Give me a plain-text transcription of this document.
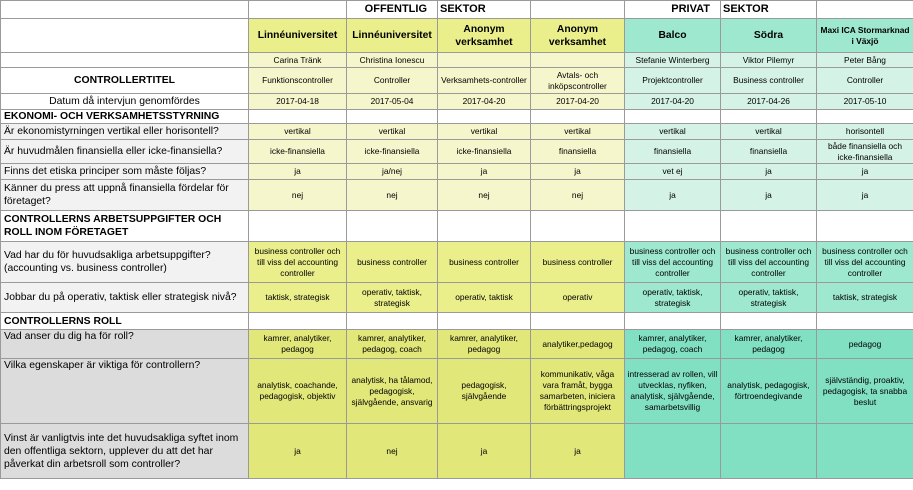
		OFFENTLIG	SEKTOR		PRIVAT	SEKTOR	
	Linnéuniversitet	Linnéuniversitet	Anonym verksamhet	Anonym verksamhet	Balco	Södra	Maxi ICA Stormarknad i Växjö
	Carina Tränk	Christina Ionescu			Stefanie Winterberg	Viktor Pilemyr	Peter Bång
CONTROLLERTITEL	Funktionscontroller	Controller	Verksamhets-controller	Avtals- och inköpscontroller	Projektcontroller	Business controller	Controller
Datum då intervjun genomfördes	2017-04-18	2017-05-04	2017-04-20	2017-04-20	2017-04-20	2017-04-26	2017-05-10
EKONOMI- OCH VERKSAMHETSSTYRNING							
Är ekonomistyrningen vertikal eller horisontell?	vertikal	vertikal	vertikal	vertikal	vertikal	vertikal	horisontell
Är huvudmålen finansiella eller icke-finansiella?	icke-finansiella	icke-finansiella	icke-finansiella	finansiella	finansiella	finansiella	både finansiella och icke-finansiella
Finns det etiska principer som måste följas?	ja	ja/nej	ja	ja	vet ej	ja	ja
Känner du press att uppnå finansiella fördelar för företaget?	nej	nej	nej	nej	ja	ja	ja
CONTROLLERNS ARBETSUPPGIFTER OCH ROLL INOM FÖRETAGET							
Vad har du för huvudsakliga arbetsuppgifter? (accounting vs. business controller)	business controller och till viss del accounting controller	business controller	business controller	business controller	business controller och till viss del accounting controller	business controller och till viss del accounting controller	business controller och till viss del accounting controller
Jobbar du på operativ, taktisk eller strategisk nivå?	taktisk, strategisk	operativ, taktisk, strategisk	operativ, taktisk	operativ	operativ, taktisk, strategisk	operativ, taktisk, strategisk	taktisk, strategisk
CONTROLLERNS ROLL							
Vad anser du dig ha för roll?	kamrer, analytiker, pedagog	kamrer, analytiker, pedagog, coach	kamrer, analytiker, pedagog	analytiker,pedagog	kamrer, analytiker, pedagog, coach	kamrer, analytiker, pedagog	pedagog
Vilka egenskaper är viktiga för controllern?	analytisk, coachande, pedagogisk, objektiv	analytisk, ha tålamod, pedagogisk, självgående, ansvarig	pedagogisk, självgående	kommunikativ, våga vara framåt, bygga samarbeten, iniciera förbättringsprojekt	intresserad av rollen, vill utvecklas, nyfiken, analytisk, självgående, samarbetsvillig	analytisk, pedagogisk, förtroendegivande	självständig, proaktiv, pedagogisk, ta snabba beslut
Vinst är vanligtvis inte det huvudsakliga syftet inom den offentliga sektorn, upplever du att det har påverkat din arbetsroll som controller?	ja	nej	ja	ja			
